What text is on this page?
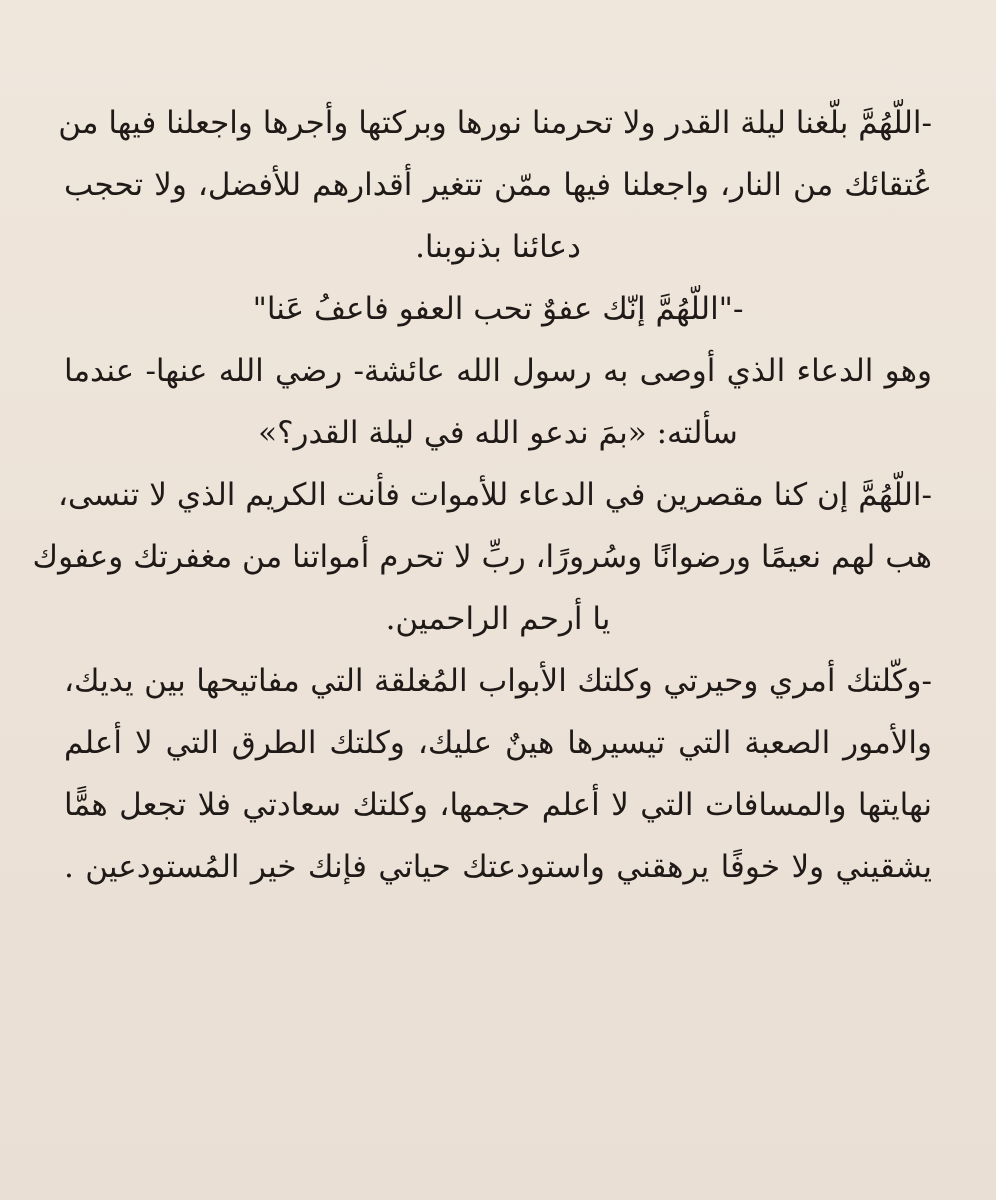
-اللّهُمَّ بلّغنا ليلة القدر ولا تحرمنا نورها وبركتها وأجرها واجعلنا فيها من
عُتقائك من النار، واجعلنا فيها ممّن تتغير أقدارهم للأفضل، ولا تحجب
دعائنا بذنوبنا.
-"اللّهُمَّ إنّك عفوٌ تحب العفو فاعفُ عَنا"
وهو الدعاء الذي أوصى به رسول الله عائشة- رضي الله عنها- عندما
سألته: «بمَ ندعو الله في ليلة القدر؟»
-اللّهُمَّ إن كنا مقصرين في الدعاء للأموات فأنت الكريم الذي لا تنسى،
هب لهم نعيمًا ورضوانًا وسُرورًا، ربِّ لا تحرم أمواتنا من مغفرتك وعفوك
يا أرحم الراحمين.
-وكّلتك أمري وحيرتي وكلتك الأبواب المُغلقة التي مفاتيحها بين يديك،
والأمور الصعبة التي تيسيرها هينٌ عليك، وكلتك الطرق التي لا أعلم
نهايتها والمسافات التي لا أعلم حجمها، وكلتك سعادتي فلا تجعل همًّا
يشقيني ولا خوفًا يرهقني واستودعتك حياتي فإنك خير المُستودعين .
